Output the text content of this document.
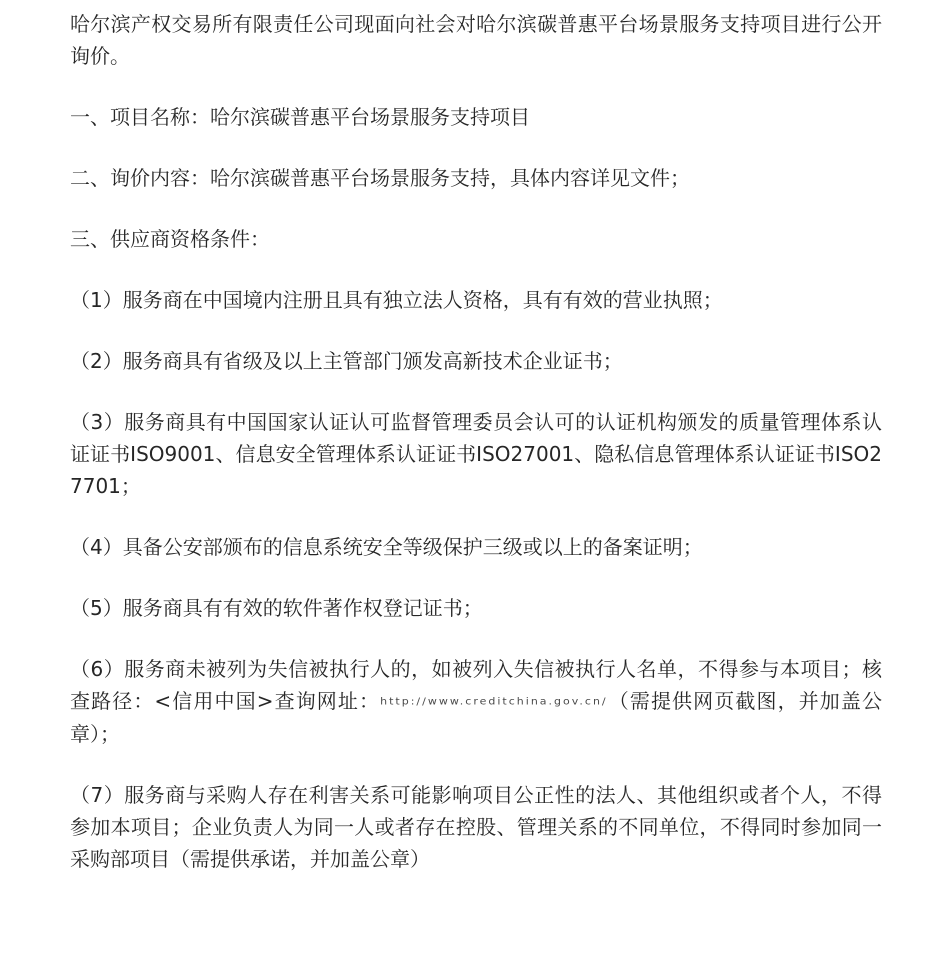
哈尔滨产权交易所有限责任公司现面向社会对哈尔滨碳普惠平台场景服务支持项目进行公开询价。

一、项目名称：哈尔滨碳普惠平台场景服务支持项目

二、询价内容：哈尔滨碳普惠平台场景服务支持，具体内容详见文件；

三、供应商资格条件：

（1）服务商在中国境内注册且具有独立法人资格，具有有效的营业执照；

（2）服务商具有省级及以上主管部门颁发高新技术企业证书；

（3）服务商具有中国国家认证认可监督管理委员会认可的认证机构颁发的质量管理体系认证证书ISO9001、信息安全管理体系认证证书ISO27001、隐私信息管理体系认证证书ISO27701；

（4）具备公安部颁布的信息系统安全等级保护三级或以上的备案证明；

（5）服务商具有有效的软件著作权登记证书；

（6）服务商未被列为失信被执行人的，如被列入失信被执行人名单，不得参与本项目；核查路径：<信用中国>查询网址：http://www.creditchina.gov.cn/（需提供网页截图，并加盖公章）；

（7）服务商与采购人存在利害关系可能影响项目公正性的法人、其他组织或者个人，不得参加本项目；企业负责人为同一人或者存在控股、管理关系的不同单位，不得同时参加同一采购部项目（需提供承诺，并加盖公章）
